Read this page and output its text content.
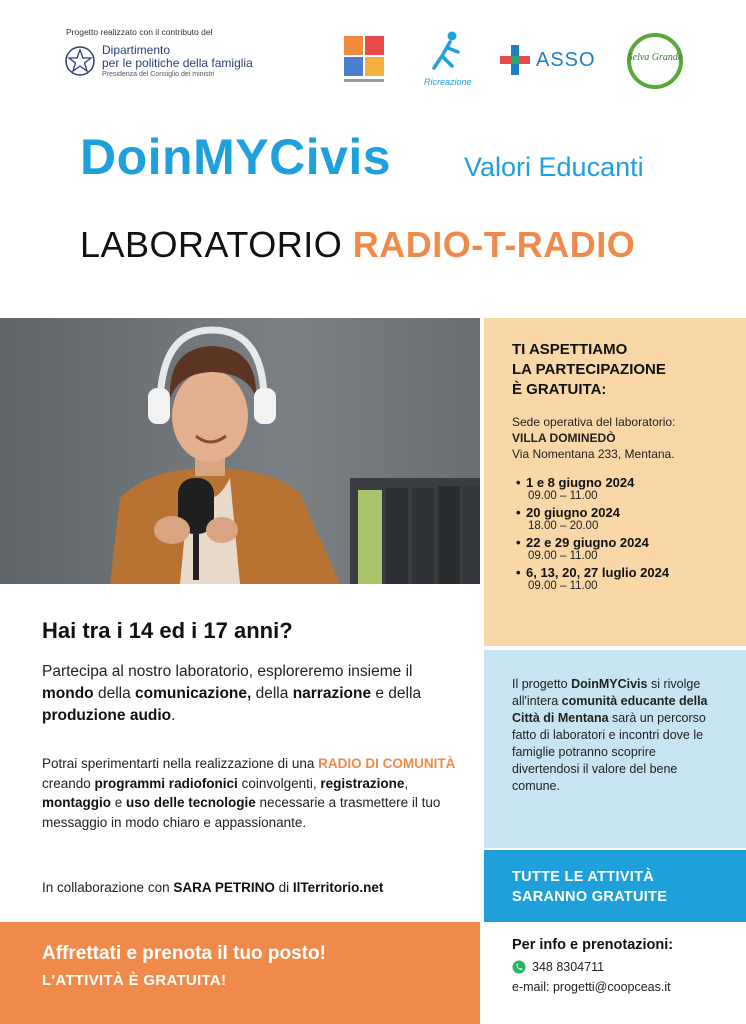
Progetto realizzato con il contributo del
Dipartimento
per le politiche della famiglia
Presidenza del Consiglio dei ministri
Ricreazione
ASSO	Selva Grande
DoinMYCivis	Valori Educanti
LABORATORIO RADIO-T-RADIO
TI ASPETTIAMO
LA PARTECIPAZIONE
È GRATUITA:
Sede operativa del laboratorio:
VILLA DOMINEDÒ
Via Nomentana 233, Mentana.
• 1 e 8 giugno 2024
09.00 – 11.00
• 20 giugno 2024
18.00 – 20.00
• 22 e 29 giugno 2024
09.00 – 11.00
• 6, 13, 20, 27 luglio 2024
09.00 – 11.00
Il progetto DoinMYCivis si rivolge all'intera comunità educante della Città di Mentana sarà un percorso fatto di laboratori e incontri dove le famiglie potranno scoprire divertendosi il valore del bene comune.
TUTTE LE ATTIVITÀ
SARANNO GRATUITE
Hai tra i 14 ed i 17 anni?
Partecipa al nostro laboratorio, esploreremo insieme il mondo della comunicazione, della narrazione e della produzione audio.
Potrai sperimentarti nella realizzazione di una RADIO DI COMUNITÀ creando programmi radiofonici coinvolgenti, registrazione, montaggio e uso delle tecnologie necessarie a trasmettere il tuo messaggio in modo chiaro e appassionante.
In collaborazione con SARA PETRINO di IlTerritorio.net
Affrettati e prenota il tuo posto!
L'ATTIVITÀ È GRATUITA!
Per info e prenotazioni:
348 8304711
e-mail: progetti@coopceas.it
